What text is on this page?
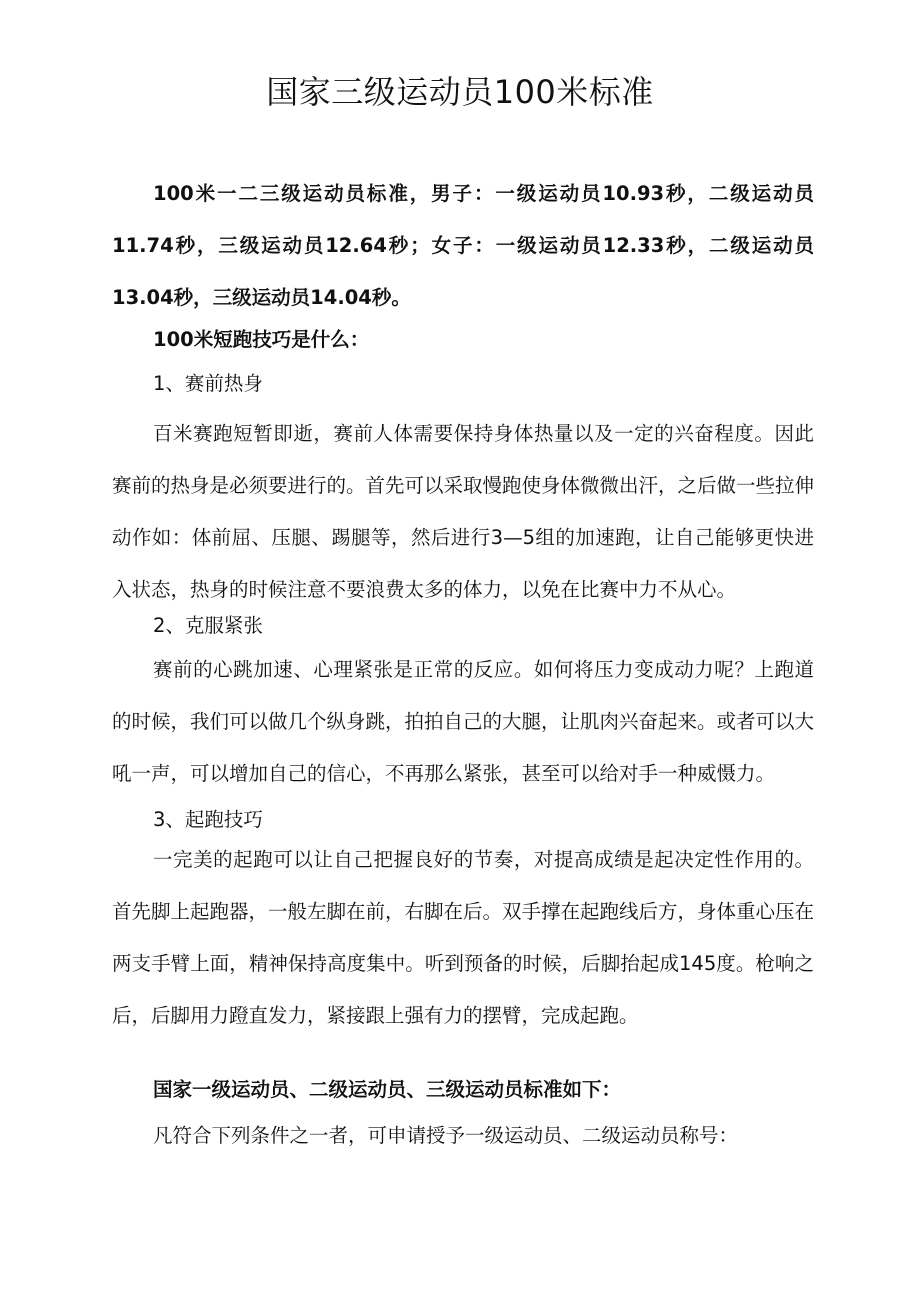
国家三级运动员100米标准

100米一二三级运动员标准，男子：一级运动员10.93秒，二级运动员11.74秒，三级运动员12.64秒；女子：一级运动员12.33秒，二级运动员13.04秒，三级运动员14.04秒。

100米短跑技巧是什么：

1、赛前热身

百米赛跑短暂即逝，赛前人体需要保持身体热量以及一定的兴奋程度。因此赛前的热身是必须要进行的。首先可以采取慢跑使身体微微出汗，之后做一些拉伸动作如：体前屈、压腿、踢腿等，然后进行3—5组的加速跑，让自己能够更快进入状态，热身的时候注意不要浪费太多的体力，以免在比赛中力不从心。

2、克服紧张

赛前的心跳加速、心理紧张是正常的反应。如何将压力变成动力呢？上跑道的时候，我们可以做几个纵身跳，拍拍自己的大腿，让肌肉兴奋起来。或者可以大吼一声，可以增加自己的信心，不再那么紧张，甚至可以给对手一种威慑力。

3、起跑技巧

一完美的起跑可以让自己把握良好的节奏，对提高成绩是起决定性作用的。首先脚上起跑器，一般左脚在前，右脚在后。双手撑在起跑线后方，身体重心压在两支手臂上面，精神保持高度集中。听到预备的时候，后脚抬起成145度。枪响之后，后脚用力蹬直发力，紧接跟上强有力的摆臂，完成起跑。

国家一级运动员、二级运动员、三级运动员标准如下：

凡符合下列条件之一者，可申请授予一级运动员、二级运动员称号：
